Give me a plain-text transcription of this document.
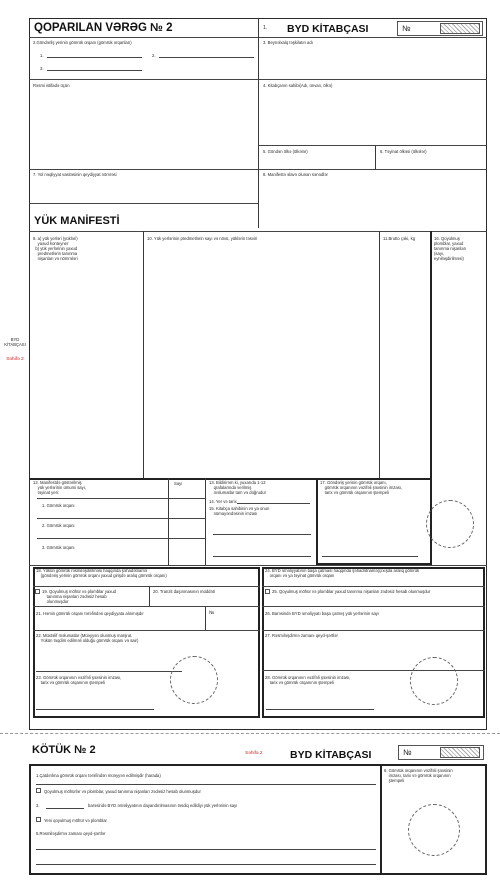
QOPARILAN VƏRƏG № 2	1. BYD KİTABÇASI	№
2.Göndərilş yerinin gömrük orqanı (gömrük orqanları)
1.	2.
3.
3. Beynəlxalq təşkilatın adı
Rəsmi istifadə üçün	4. Kitabçanın sahibi(Adı, ünvan, ölkə)
5. Göndən ölkə (ölkələr)	6. Təyinat ölkəsi (ölkələr)
7. Yol nəqliyyat vasitəsinin qeydiyyat nömrəsi	8. Manifestə əlavə olunan sənədlər
YÜK MANİFESTİ
9. a) yük yerləri (yükləri)
yaxud konteyner
b) yük yerlərinin yaxud
predmetlərin tanınma
nişanları və nömrələri
10. Yük yerlərinin predmetlərin sayı və növü, yüklərin təsviri	11.Brutto çəki, kg	16. Qoyulmuş
plomblar, yaxud
tanınma nişanları
(sayı,
eyniləşdirilməsi)
BYD
KİTABÇASI
Səhifə 2
12. Manifestdə göstərilmiş
yük yerlərinin ümumi sayı,
təyinat yeri:
Sayı
1. Gömrük orqanı
2. Gömrük orqanı
3. Gömrük orqanı
13. Bildirirəm ki, yuxarıda 1-12
qrafalarında verilmiş
məlumatlar tam və doğrudur
14. Yer və tarix
15. Kitabça sahibinin və ya onun
nümayəndəsinin imzası
17. Göndəriş yerinin gömrük orqanı,
gömrük orqanının vəzifəli şəxsinin imzası,
tarix və gömrük orqanının ştempeli
18. Yükün gömrük rəsmiləşdirilməsi haqqında şəhadətnamə
(göndəriş yerinin gömrük orqanı yaxud girişdə aralıq gömrük orqanı)
19. Qoyulmuş möhür və plomblar yaxud
tanınma nişanları zədəsiz hesab
olunmuşdur
20. Tranzit daşınmasının müddəti
21. Həmin gömrük orqanı tərəfindən qeydiyyata alınmışdır	№
22. Müxtəlif məlumatlar (Müəyyən olunmuş marşrut.
Yükün təqdim edilməli olduğu gömrük orqanı və sair)
23. Gömrük orqanının vəzifəli şəxsinin imzası,
tarix və gömrük orqanının ştempeli
24. BYD əməliyyatının başa çatması haqqında şəhadətnamə(çıxışda aralıq gömrük
orqanı və ya təyinat gömrük orqanı
25. Qoyulmuş möhür və plomblar yaxud tanınma nişanları zədəsiz hesab olunmuşdur
26. Barəsində BYD əməliyyatı başa çatmış yük yerlərinin sayı
27. Rəsmiləşdirmə zamanı qeyd-şərtlər
28. Gömrük orqanının vəzifəli şəxsinin imzası,
tarix və gömrük orqanının ştempeli
KÖTÜK № 2	Səhifə 2	BYD KİTABÇASI	№
1.Çatdırılma gömrük orqanı tərəfindən müəyyən edilmişdir (harada)
Qoyulmuş möhürlər və plomblar, yaxud tanınma nişanları zədəsiz hesab olunmuşdur
3.	barəsində BYD əməliyyatının dayandırılmasının təsdiq edildiyi yük yerlərinin sayı
Yeni qoyulmuş möhür və plomblar
5.Rəsmiləşdirmə zamanı qeyd-şərtlər
6. Gömrük orqanının vəzifəli şəxsinin
imzası, tarix və gömrük orqanının
ştempeli
